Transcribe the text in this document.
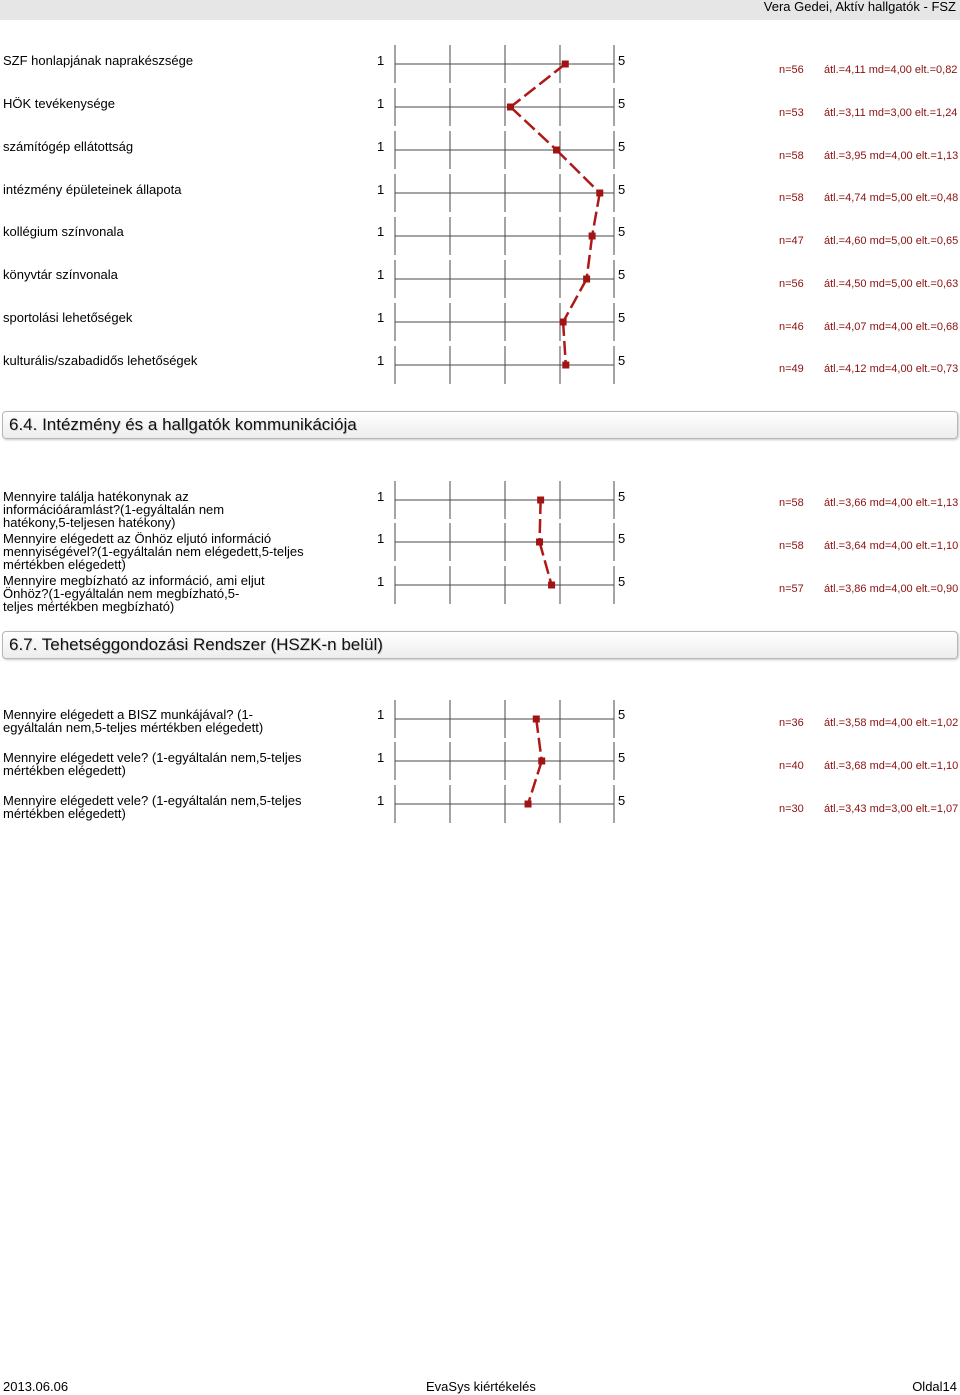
Vera Gedei, Aktív hallgatók - FSZ
SZF honlapjának naprakészsége
HÖK tevékenysége
számítógép ellátottság
intézmény épületeinek állapota
kollégium színvonala
könyvtár színvonala
sportolási lehetőségek
kulturális/szabadidős lehetőségek
1
1
1
1
1
1
1
1
5
5
5
5
5
5
5
5
n=56
n=53
n=58
n=58
n=47
n=56
n=46
n=49
átl.=4,11 md=4,00 elt.=0,82
átl.=3,11 md=3,00 elt.=1,24
átl.=3,95 md=4,00 elt.=1,13
átl.=4,74 md=5,00 elt.=0,48
átl.=4,60 md=5,00 elt.=0,65
átl.=4,50 md=5,00 elt.=0,63
átl.=4,07 md=4,00 elt.=0,68
átl.=4,12 md=4,00 elt.=0,73
6.4. Intézmény és a hallgatók kommunikációja
Mennyire találja hatékonynak az információáramlást?(1-egyáltalán nem hatékony,5-teljesen hatékony)
Mennyire elégedett az Önhöz eljutó információ mennyiségével?(1-egyáltalán nem elégedett,5-teljes mértékben elégedett)
Mennyire megbízható az információ, ami eljut Önhöz?(1-egyáltalán nem megbízható,5- teljes mértékben megbízható)
1
1
1
5
5
5
n=58
n=58
n=57
átl.=3,66 md=4,00 elt.=1,13
átl.=3,64 md=4,00 elt.=1,10
átl.=3,86 md=4,00 elt.=0,90
6.7. Tehetséggondozási Rendszer (HSZK-n belül)
Mennyire elégedett a BISZ munkájával? (1-egyáltalán nem,5-teljes mértékben elégedett)
Mennyire elégedett vele? (1-egyáltalán nem,5-teljes mértékben elégedett)
Mennyire elégedett vele? (1-egyáltalán nem,5-teljes mértékben elégedett)
1
1
1
5
5
5
n=36
n=40
n=30
átl.=3,58 md=4,00 elt.=1,02
átl.=3,68 md=4,00 elt.=1,10
átl.=3,43 md=3,00 elt.=1,07
2013.06.06	EvaSys kiértékelés	Oldal14
